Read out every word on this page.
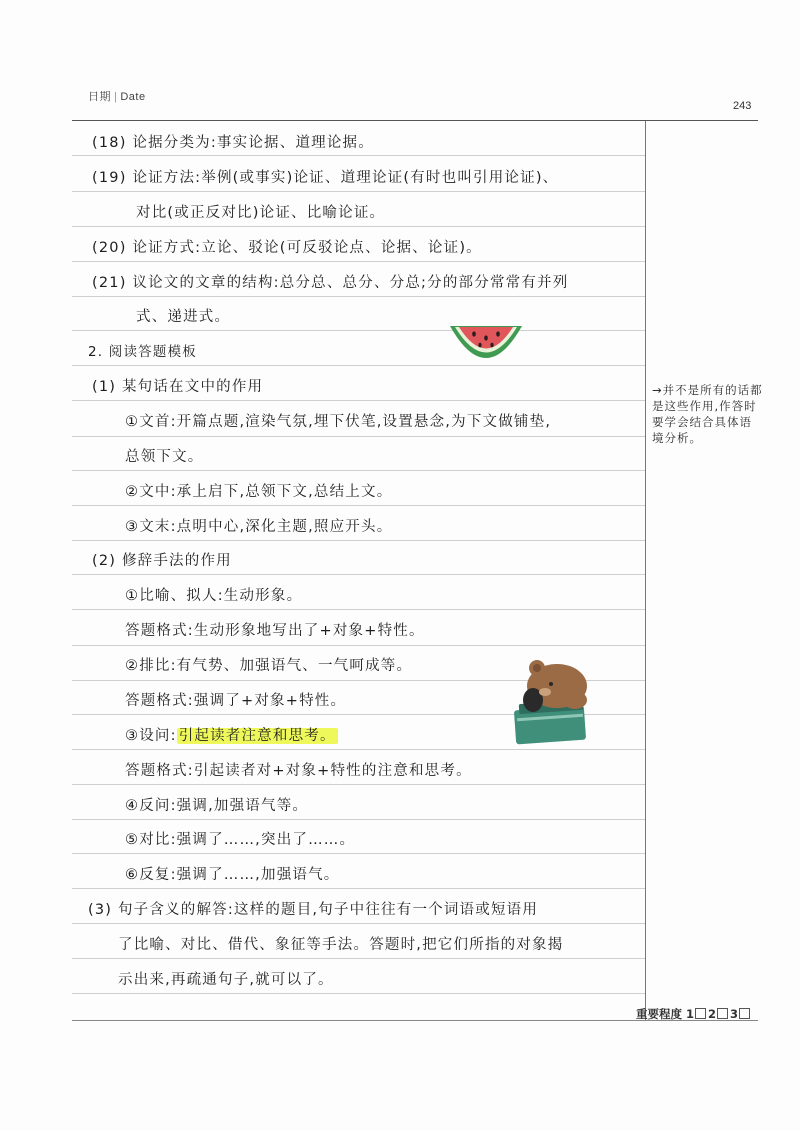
日期 | Date
243
(18) 论据分类为:事实论据、道理论据。
(19) 论证方法:举例(或事实)论证、道理论证(有时也叫引用论证)、
对比(或正反对比)论证、比喻论证。
(20) 论证方式:立论、驳论(可反驳论点、论据、论证)。
(21) 议论文的文章的结构:总分总、总分、分总;分的部分常常有并列
式、递进式。
2. 阅读答题模板
(1) 某句话在文中的作用
①文首:开篇点题,渲染气氛,埋下伏笔,设置悬念,为下文做铺垫,
总领下文。
②文中:承上启下,总领下文,总结上文。
③文末:点明中心,深化主题,照应开头。
(2) 修辞手法的作用
①比喻、拟人:生动形象。
答题格式:生动形象地写出了+对象+特性。
②排比:有气势、加强语气、一气呵成等。
答题格式:强调了+对象+特性。
③设问: 引起读者注意和思考。
答题格式:引起读者对+对象+特性的注意和思考。
④反问:强调,加强语气等。
⑤对比:强调了……,突出了……。
⑥反复:强调了……,加强语气。
(3) 句子含义的解答:这样的题目,句子中往往有一个词语或短语用
了比喻、对比、借代、象征等手法。答题时,把它们所指的对象揭
示出来,再疏通句子,就可以了。
→并不是所有的话都是这些作用,作答时要学会结合具体语境分析。
重要程度 1 2 3
